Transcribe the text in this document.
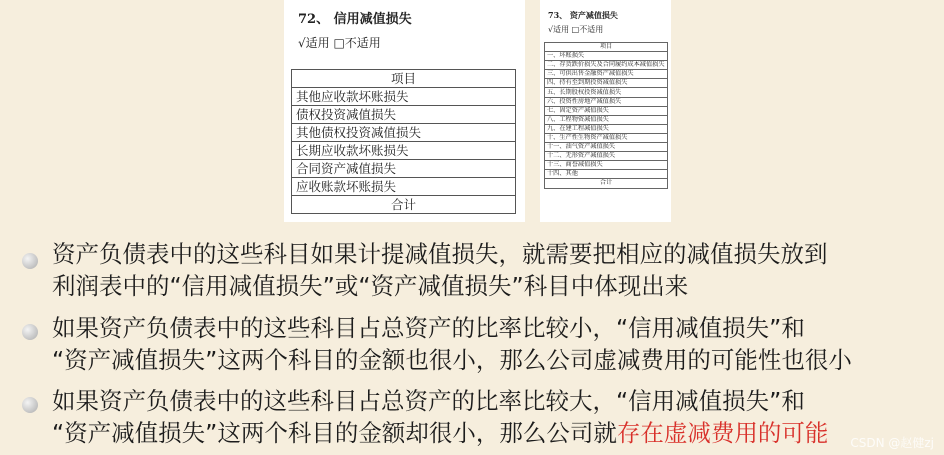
72、 信用减值损失
√适用 □不适用
项目
其他应收款坏账损失
债权投资减值损失
其他债权投资减值损失
长期应收款坏账损失
合同资产减值损失
应收账款坏账损失
合计
73、 资产减值损失
√适用 □不适用
项目
一、坏账损失
二、存货跌价损失及合同履约成本减值损失
三、可供出售金融资产减值损失
四、持有至到期投资减值损失
五、长期股权投资减值损失
六、投资性房地产减值损失
七、固定资产减值损失
八、工程物资减值损失
九、在建工程减值损失
十、生产性生物资产减值损失
十一、油气资产减值损失
十二、无形资产减值损失
十三、商誉减值损失
十四、其他
合计
资产负债表中的这些科目如果计提减值损失，就需要把相应的减值损失放到
利润表中的“信用减值损失”或“资产减值损失”科目中体现出来
如果资产负债表中的这些科目占总资产的比率比较小，“信用减值损失”和
“资产减值损失”这两个科目的金额也很小，那么公司虚减费用的可能性也很小
如果资产负债表中的这些科目占总资产的比率比较大，“信用减值损失”和
“资产减值损失”这两个科目的金额却很小，那么公司就存在虚减费用的可能	CSDN @赵健zj
